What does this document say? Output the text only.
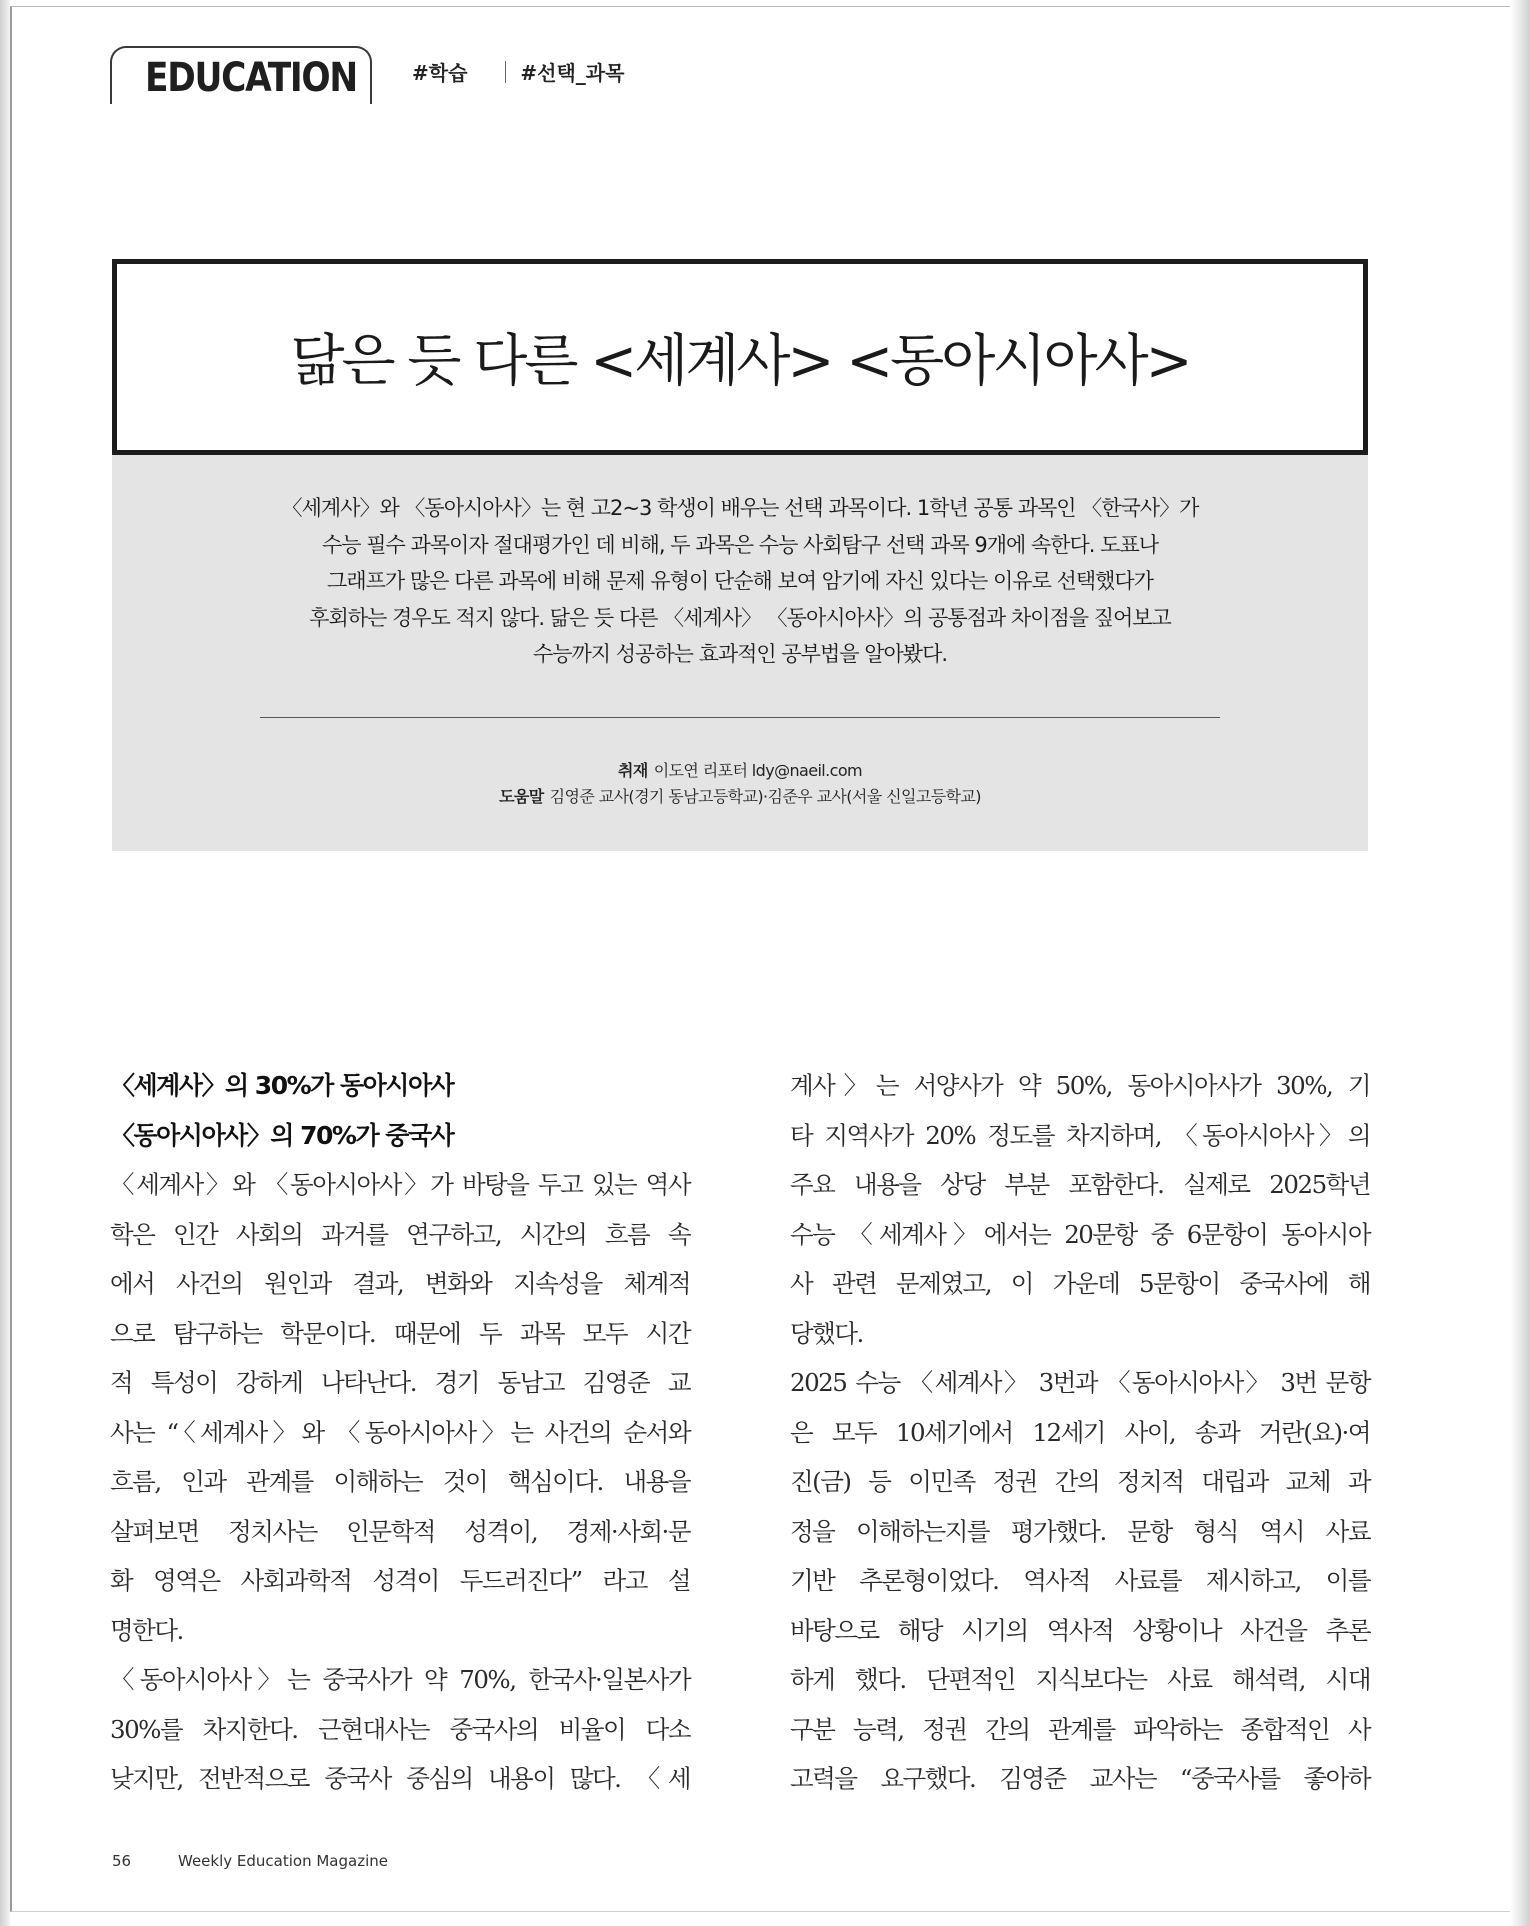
EDUCATION	#학습	#선택_과목
닮은 듯 다른 <세계사> <동아시아사>
〈세계사〉와 〈동아시아사〉는 현 고2~3 학생이 배우는 선택 과목이다. 1학년 공통 과목인 〈한국사〉가
수능 필수 과목이자 절대평가인 데 비해, 두 과목은 수능 사회탐구 선택 과목 9개에 속한다. 도표나
그래프가 많은 다른 과목에 비해 문제 유형이 단순해 보여 암기에 자신 있다는 이유로 선택했다가
후회하는 경우도 적지 않다. 닮은 듯 다른 〈세계사〉 〈동아시아사〉의 공통점과 차이점을 짚어보고
수능까지 성공하는 효과적인 공부법을 알아봤다.
취재 이도연 리포터 ldy@naeil.com
도움말 김영준 교사(경기 동남고등학교)·김준우 교사(서울 신일고등학교)
〈세계사〉의 30%가 동아시아사
〈동아시아사〉의 70%가 중국사
〈세계사〉와 〈동아시아사〉가 바탕을 두고 있는 역사
학은 인간 사회의 과거를 연구하고, 시간의 흐름 속
에서 사건의 원인과 결과, 변화와 지속성을 체계적
으로 탐구하는 학문이다. 때문에 두 과목 모두 시간
적 특성이 강하게 나타난다. 경기 동남고 김영준 교
사는 “〈세계사〉와 〈동아시아사〉는 사건의 순서와
흐름, 인과 관계를 이해하는 것이 핵심이다. 내용을
살펴보면 정치사는 인문학적 성격이, 경제·사회·문
화 영역은 사회과학적 성격이 두드러진다” 라고 설
명한다.
〈동아시아사〉는 중국사가 약 70%, 한국사·일본사가
30%를 차지한다. 근현대사는 중국사의 비율이 다소
낮지만, 전반적으로 중국사 중심의 내용이 많다. 〈세
계사〉는 서양사가 약 50%, 동아시아사가 30%, 기
타 지역사가 20% 정도를 차지하며, 〈동아시아사〉의
주요 내용을 상당 부분 포함한다. 실제로 2025학년
수능 〈세계사〉에서는 20문항 중 6문항이 동아시아
사 관련 문제였고, 이 가운데 5문항이 중국사에 해
당했다.
2025 수능 〈세계사〉 3번과 〈동아시아사〉 3번 문항
은 모두 10세기에서 12세기 사이, 송과 거란(요)·여
진(금) 등 이민족 정권 간의 정치적 대립과 교체 과
정을 이해하는지를 평가했다. 문항 형식 역시 사료
기반 추론형이었다. 역사적 사료를 제시하고, 이를
바탕으로 해당 시기의 역사적 상황이나 사건을 추론
하게 했다. 단편적인 지식보다는 사료 해석력, 시대
구분 능력, 정권 간의 관계를 파악하는 종합적인 사
고력을 요구했다. 김영준 교사는 “중국사를 좋아하
56	Weekly Education Magazine
